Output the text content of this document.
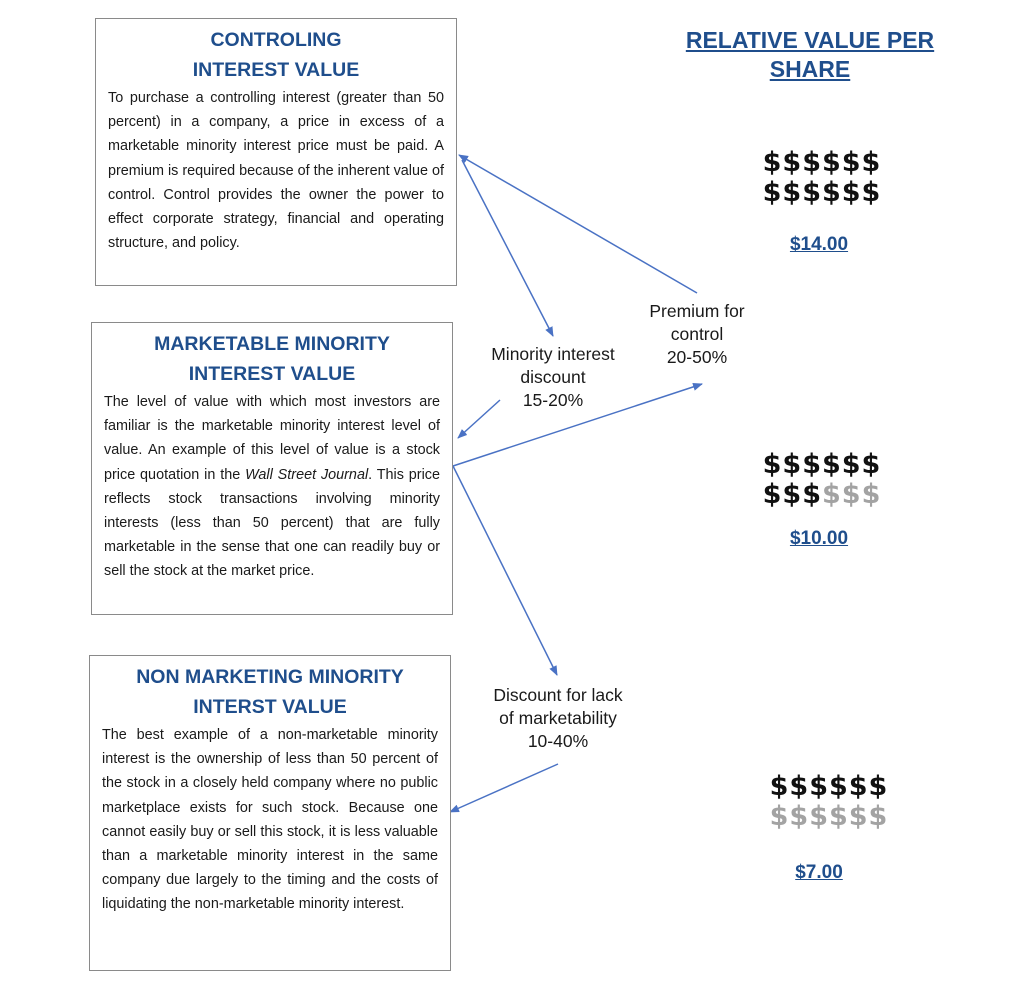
CONTROLING
INTEREST VALUE

To purchase a controlling interest (greater than 50 percent) in a company, a price in excess of a marketable minority interest price must be paid. A premium is required because of the inherent value of control. Control provides the owner the power to effect corporate strategy, financial and operating structure, and policy.

MARKETABLE MINORITY
INTEREST VALUE

The level of value with which most investors are familiar is the marketable minority interest level of value. An example of this level of value is a stock price quotation in the Wall Street Journal. This price reflects stock transactions involving minority interests (less than 50 percent) that are fully marketable in the sense that one can readily buy or sell the stock at the market price.

NON MARKETING MINORITY
INTERST VALUE

The best example of a non-marketable minority interest is the ownership of less than 50 percent of the stock in a closely held company where no public marketplace exists for such stock. Because one cannot easily buy or sell this stock, it is less valuable than a marketable minority interest in the same company due largely to the timing and the costs of liquidating the non-marketable minority interest.

Premium for
control
20-50%
Minority interest
discount
15-20%
Discount for lack
of marketability
10-40%
RELATIVE VALUE PER
SHARE
$$$$$$
$$$$$$
$14.00
$$$$$$
$$$$$$
$10.00
$$$$$$
$$$$$$
$7.00
